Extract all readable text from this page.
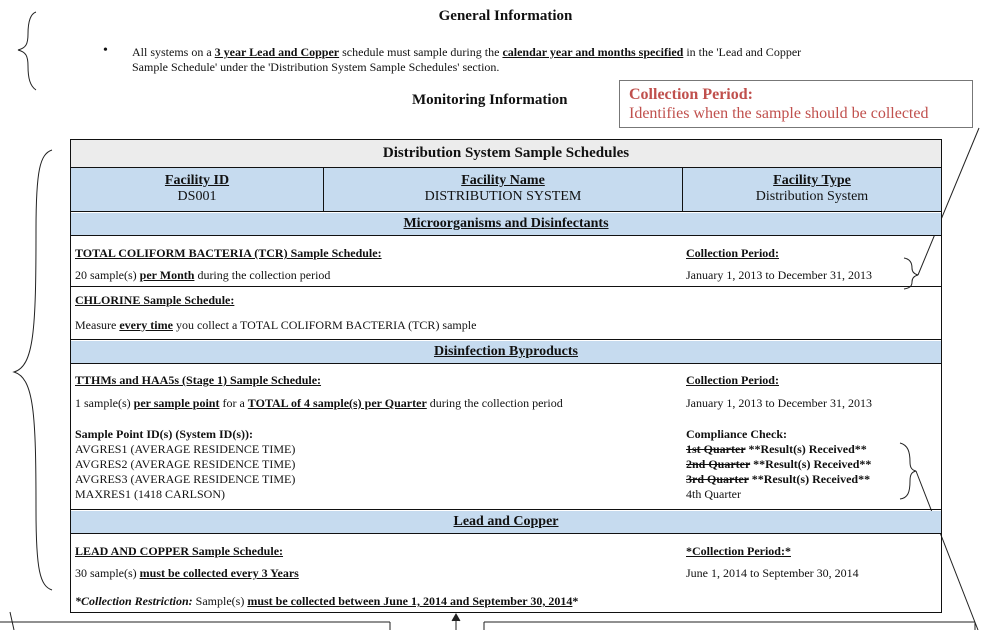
General Information
• All systems on a 3 year Lead and Copper schedule must sample during the calendar year and months specified in the 'Lead and Copper
Sample Schedule' under the 'Distribution System Sample Schedules' section.
Monitoring Information	Collection Period:
Identifies when the sample should be collected
Distribution System Sample Schedules
Facility ID
DS001
Facility Name
DISTRIBUTION SYSTEM
Facility Type
Distribution System
Microorganisms and Disinfectants
TOTAL COLIFORM BACTERIA (TCR) Sample Schedule:
20 sample(s) per Month during the collection period
Collection Period:
January 1, 2013 to December 31, 2013
CHLORINE Sample Schedule:
Measure every time you collect a TOTAL COLIFORM BACTERIA (TCR) sample
Disinfection Byproducts
TTHMs and HAA5s (Stage 1) Sample Schedule:
1 sample(s) per sample point for a TOTAL of 4 sample(s) per Quarter during the collection period
Collection Period:
January 1, 2013 to December 31, 2013
Sample Point ID(s) (System ID(s)):
AVGRES1 (AVERAGE RESIDENCE TIME)
AVGRES2 (AVERAGE RESIDENCE TIME)
AVGRES3 (AVERAGE RESIDENCE TIME)
MAXRES1 (1418 CARLSON)
Compliance Check:
1st Quarter **Result(s) Received**
2nd Quarter **Result(s) Received**
3rd Quarter **Result(s) Received**
4th Quarter
Lead and Copper
LEAD AND COPPER Sample Schedule:
30 sample(s) must be collected every 3 Years
*Collection Period:*
June 1, 2014 to September 30, 2014
*Collection Restriction: Sample(s) must be collected between June 1, 2014 and September 30, 2014*
